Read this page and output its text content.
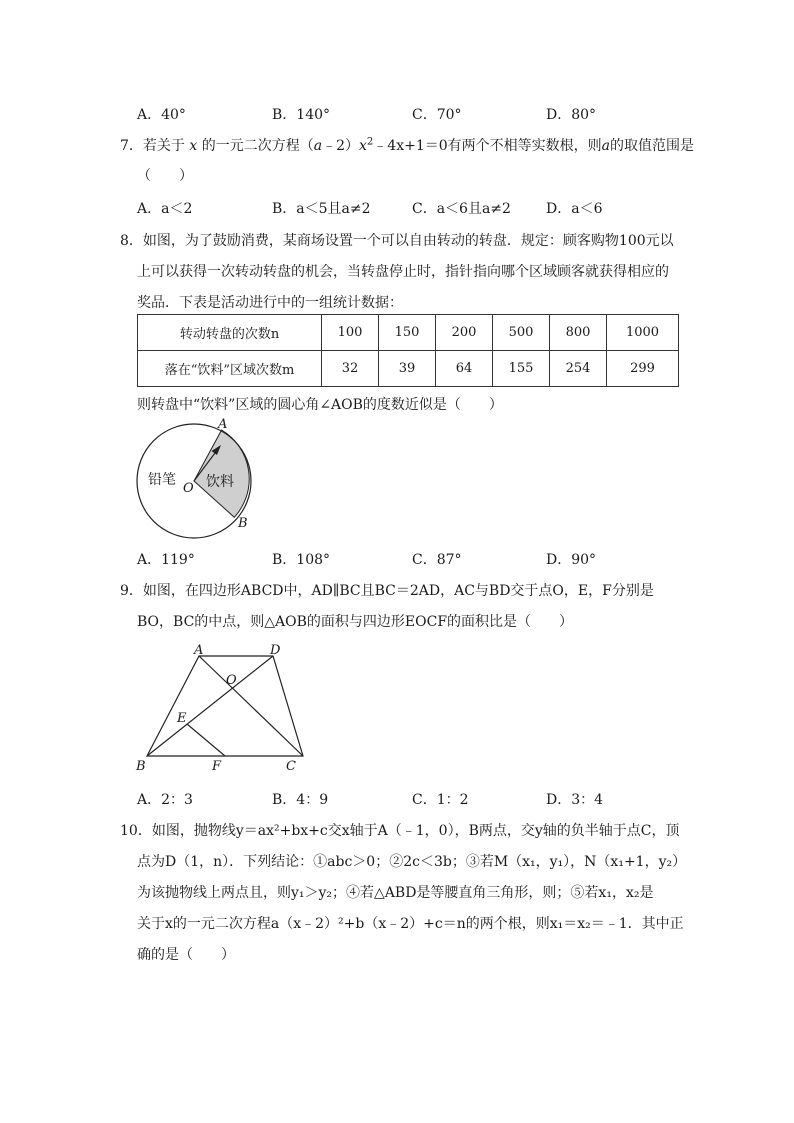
A．40°	B．140°	C．70°	D．80°
7．若关于 x 的一元二次方程$(a﹣2)x^2﹣4x+1=0$有两个不相等实数根，则a的取值范围是
（　　）
A．a＜2	B．a＜5且a≠2	C．a＜6且a≠2	D．a＜6
8．如图，为了鼓励消费，某商场设置一个可以自由转动的转盘．规定：顾客购物100元以
上可以获得一次转动转盘的机会，当转盘停止时，指针指向哪个区域顾客就获得相应的
奖品．下表是活动进行中的一组统计数据：
转动转盘的次数n	100	150	200	500	800	1000
落在“饮料”区域次数m	32	39	64	155	254	299
则转盘中“饮料”区域的圆心角∠AOB的度数近似是（　　）
A
B
O
铅笔 饮料
A．119°	B．108°	C．87°	D．90°
9．如图，在四边形ABCD中，AD∥BC且BC＝2AD，AC与BD交于点O，E，F分别是
BO，BC的中点，则△AOB的面积与四边形EOCF的面积比是（　　）
A	D
B	F	C
E
O
A．2：3	B．4：9	C．1：2	D．3：4
10．如图，抛物线y＝ax²+bx+c交x轴于A（﹣1，0），B两点，交y轴的负半轴于点C，顶
点为D（1，n）．下列结论：①abc＞0；②2c＜3b；③若M（x₁，y₁），N（x₁+1，y₂）
为该抛物线上两点且，则y₁＞y₂；④若△ABD是等腰直角三角形，则；⑤若x₁，x₂是
关于x的一元二次方程a（x﹣2）²+b（x﹣2）+c＝n的两个根，则x₁＝x₂＝﹣1．其中正
确的是（　　）
